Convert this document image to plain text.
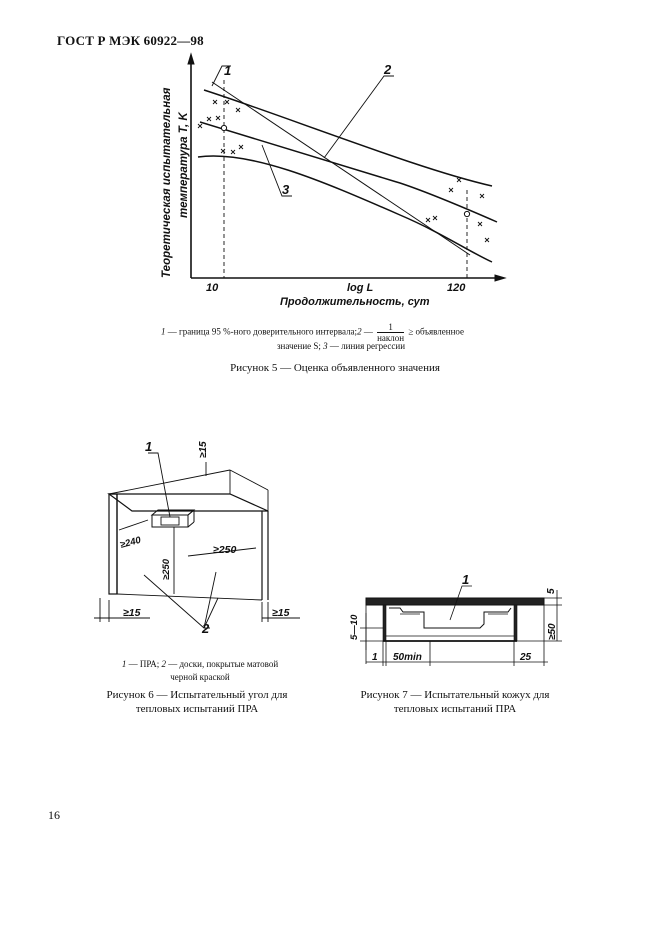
ГОСТ Р МЭК 60922—98
1	2
3
Теоретическая испытательная температура T, K
10	log L	120
Продолжительность, сут
1
2
≥15
≥240
≥250
≥250
≥15	≥15
1
5
≥50
5—10
1 50min	25
1 — граница 95 %-ного доверительного интервала;2 —	1
наклон
≥ объявленное
значение S; 3 — линия регрессии
Рисунок 5 — Оценка объявленного значения
1 — ПРА; 2 — доски, покрытые матовой
черной краской
Рисунок 6 — Испытательный угол для
тепловых испытаний ПРА
Рисунок 7 — Испытательный кожух для
тепловых испытаний ПРА
16
